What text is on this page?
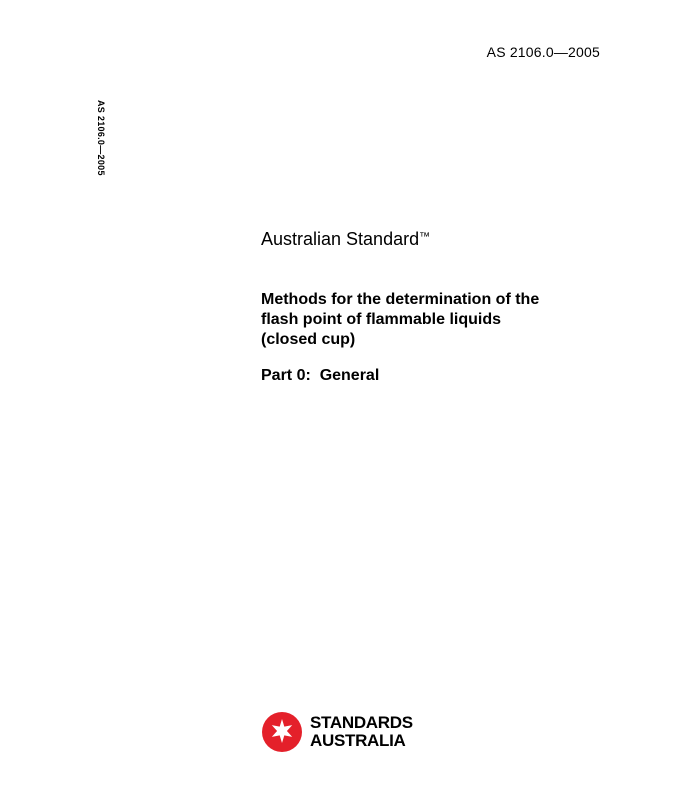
AS 2106.0—2005
AS 2106.0—2005
Australian Standard™
Methods for the determination of the
flash point of flammable liquids
(closed cup)
Part 0:  General
STANDARDS
AUSTRALIA
